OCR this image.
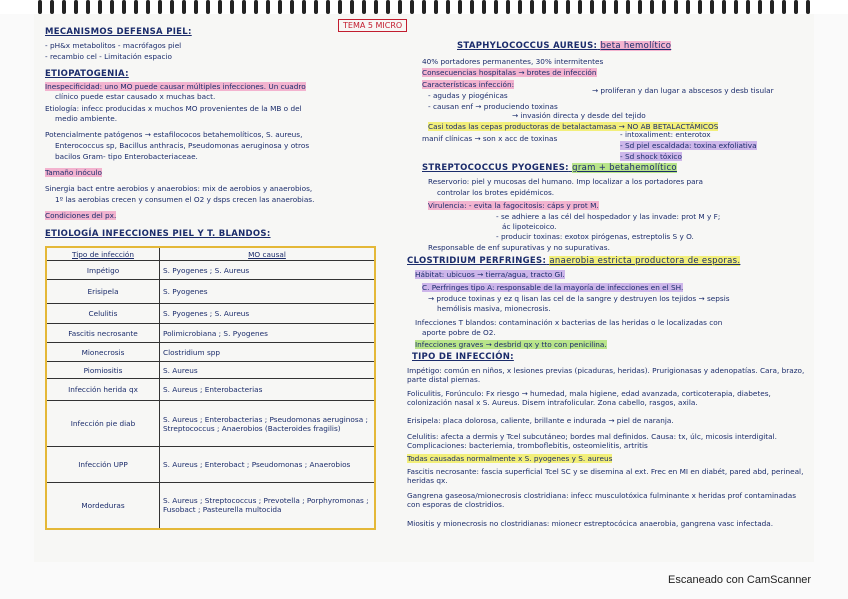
TEMA 5 MICRO
MECANISMOS DEFENSA PIEL:
- pH&x metabolitos - macrófagos piel
- recambio cel - Limitación espacio
ETIOPATOGENIA:
Inespecificidad: uno MO puede causar múltiples infecciones. Un cuadro
clínico puede estar causado x muchas bact.
Etiología: infecc producidas x muchos MO provenientes de la MB o del
medio ambiente.
Potencialmente patógenos → estafilococos betahemolíticos, S. aureus,
Enterococcus sp, Bacillus anthracis, Pseudomonas aeruginosa y otros
bacilos Gram- tipo Enterobacteriaceae.
Tamaño inóculo
Sinergia bact entre aerobios y anaerobios: mix de aerobios y anaerobios,
1º las aerobias crecen y consumen el O2 y dsps crecen las anaerobias.
Condiciones del px.
ETIOLOGÍA INFECCIONES PIEL Y T. BLANDOS:
Tipo de infección	MO causal
Impétigo	S. Pyogenes ; S. Aureus
Erisipela	S. Pyogenes
Celulitis	S. Pyogenes ; S. Aureus
Fascitis necrosante	Polimicrobiana ; S. Pyogenes
Mionecrosis	Clostridium spp
Piomiositis	S. Aureus
Infección herida qx	S. Aureus ; Enterobacterias
Infección pie diab	S. Aureus ; Enterobacterias ; Pseudomonas aeruginosa ; Streptococcus ; Anaerobios (Bacteroides fragilis)
Infección UPP	S. Aureus ; Enterobact ; Pseudomonas ; Anaerobios
Mordeduras	S. Aureus ; Streptococcus ; Prevotella ; Porphyromonas ; Fusobact ; Pasteurella multocida
STAPHYLOCOCCUS AUREUS: beta hemolítico
40% portadores permanentes, 30% intermitentes
Consecuencias hospitalas → brotes de infección
Características infección:
- agudas y piogénicas
→ proliferan y dan lugar a abscesos y desb tisular
- causan enf → produciendo toxinas
→ invasión directa y desde del tejido
Casi todas las cepas productoras de betalactamasa → NO AB BETALACTÁMICOS
manif clínicas → son x acc de toxinas	- intoxaliment: enterotox
- Sd piel escaldada: toxina exfoliativa
- Sd shock tóxico
STREPTOCOCCUS PYOGENES: gram + betahemolítico
Reservorio: piel y mucosas del humano. Imp localizar a los portadores para
controlar los brotes epidémicos.
Virulencia: - evita la fagocitosis: cáps y prot M.
- se adhiere a las cél del hospedador y las invade: prot M y F;
ác lipoteicoico.
- producir toxinas: exotox pirógenas, estreptolis S y O.
Responsable de enf supurativas y no supurativas.
CLOSTRIDIUM PERFRINGES: anaerobia estricta productora de esporas.
Hábitat: ubicuos → tierra/agua, tracto GI.
C. Perfringes tipo A: responsable de la mayoría de infecciones en el SH.
→ produce toxinas y ez q lisan las cel de la sangre y destruyen los tejidos → sepsis
hemólisis masiva, mionecrosis.
Infecciones T blandos: contaminación x bacterias de las heridas o le localizadas con
aporte pobre de O2.
Infecciones graves → desbrid qx y tto con penicilina.
TIPO DE INFECCIÓN:
Impétigo: común en niños, x lesiones previas (picaduras, heridas). Prurigionasas y adenopatías. Cara, brazo, parte distal piernas.
Foliculitis, Forúnculo: Fx riesgo → humedad, mala higiene, edad avanzada, corticoterapia, diabetes, colonización nasal x S. Aureus. Disem intrafolicular. Zona cabello, rasgos, axila.
Erisipela: placa dolorosa, caliente, brillante e indurada → piel de naranja.
Celulitis: afecta a dermis y Tcel subcutáneo; bordes mal definidos. Causa: tx, úlc, micosis interdigital. Complicaciones: bacteriemia, tromboflebitis, osteomielitis, artritis
Todas causadas normalmente x S. pyogenes y S. aureus
Fascitis necrosante: fascia superficial Tcel SC y se disemina al ext. Frec en MI en diabét, pared abd, perineal, heridas qx.
Gangrena gaseosa/mionecrosis clostridiana: infecc musculotóxica fulminante x heridas prof contaminadas con esporas de clostridios.
Miositis y mionecrosis no clostridianas: mionecr estreptocócica anaerobia, gangrena vasc infectada.
Escaneado con CamScanner
